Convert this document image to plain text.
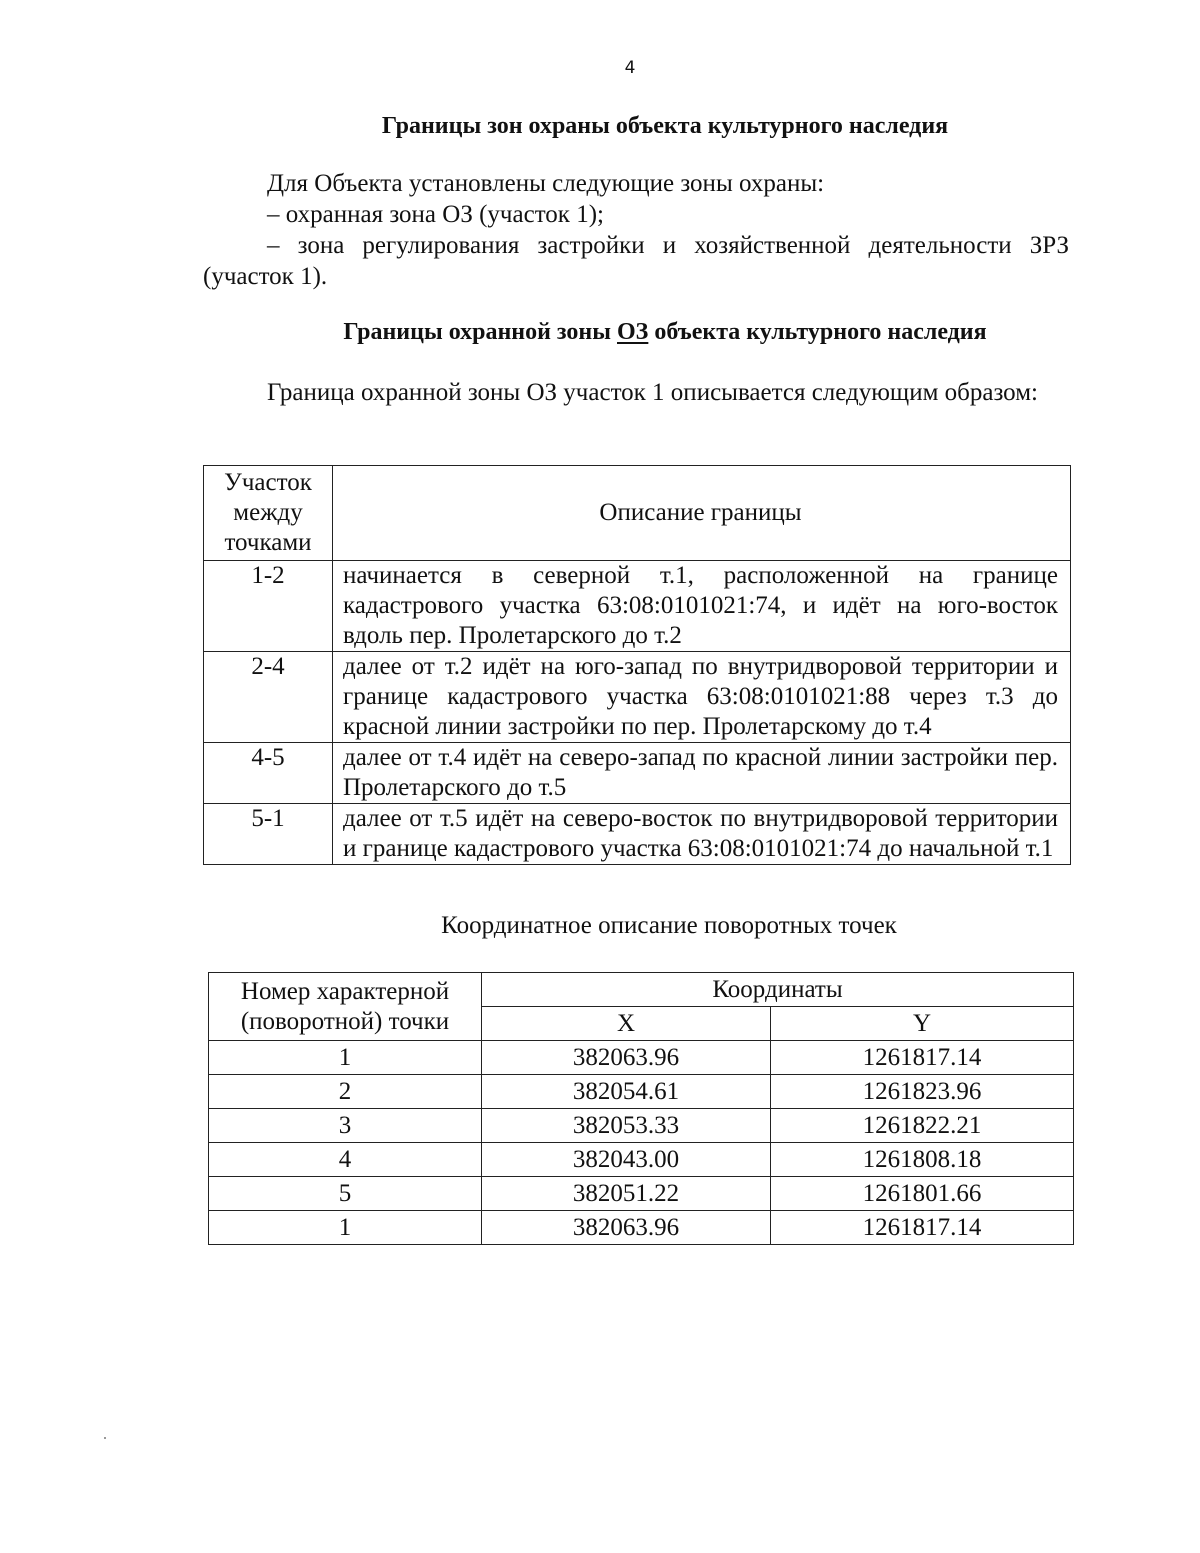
4
Границы зон охраны объекта культурного наследия
Для Объекта установлены следующие зоны охраны:
– охранная зона ОЗ (участок 1);
– зона регулирования застройки и хозяйственной деятельности ЗРЗ (участок 1).
Границы охранной зоны ОЗ объекта культурного наследия
Граница охранной зоны ОЗ участок 1 описывается следующим образом:
Участок между точками	Описание границы
1-2	начинается в северной т.1, расположенной на границе кадастрового участка 63:08:0101021:74, и идёт на юго-восток вдоль пер. Пролетарского до т.2
2-4	далее от т.2 идёт на юго-запад по внутридворовой территории и границе кадастрового участка 63:08:0101021:88 через т.3 до красной линии застройки по пер. Пролетарскому до т.4
4-5	далее от т.4 идёт на северо-запад по красной линии застройки пер. Пролетарского до т.5
5-1	далее от т.5 идёт на северо-восток по внутридворовой территории и границе кадастрового участка 63:08:0101021:74 до начальной т.1
Координатное описание поворотных точек
Номер характерной (поворотной) точки	Координаты	
	X	Y
1	382063.96	1261817.14
2	382054.61	1261823.96
3	382053.33	1261822.21
4	382043.00	1261808.18
5	382051.22	1261801.66
1	382063.96	1261817.14
